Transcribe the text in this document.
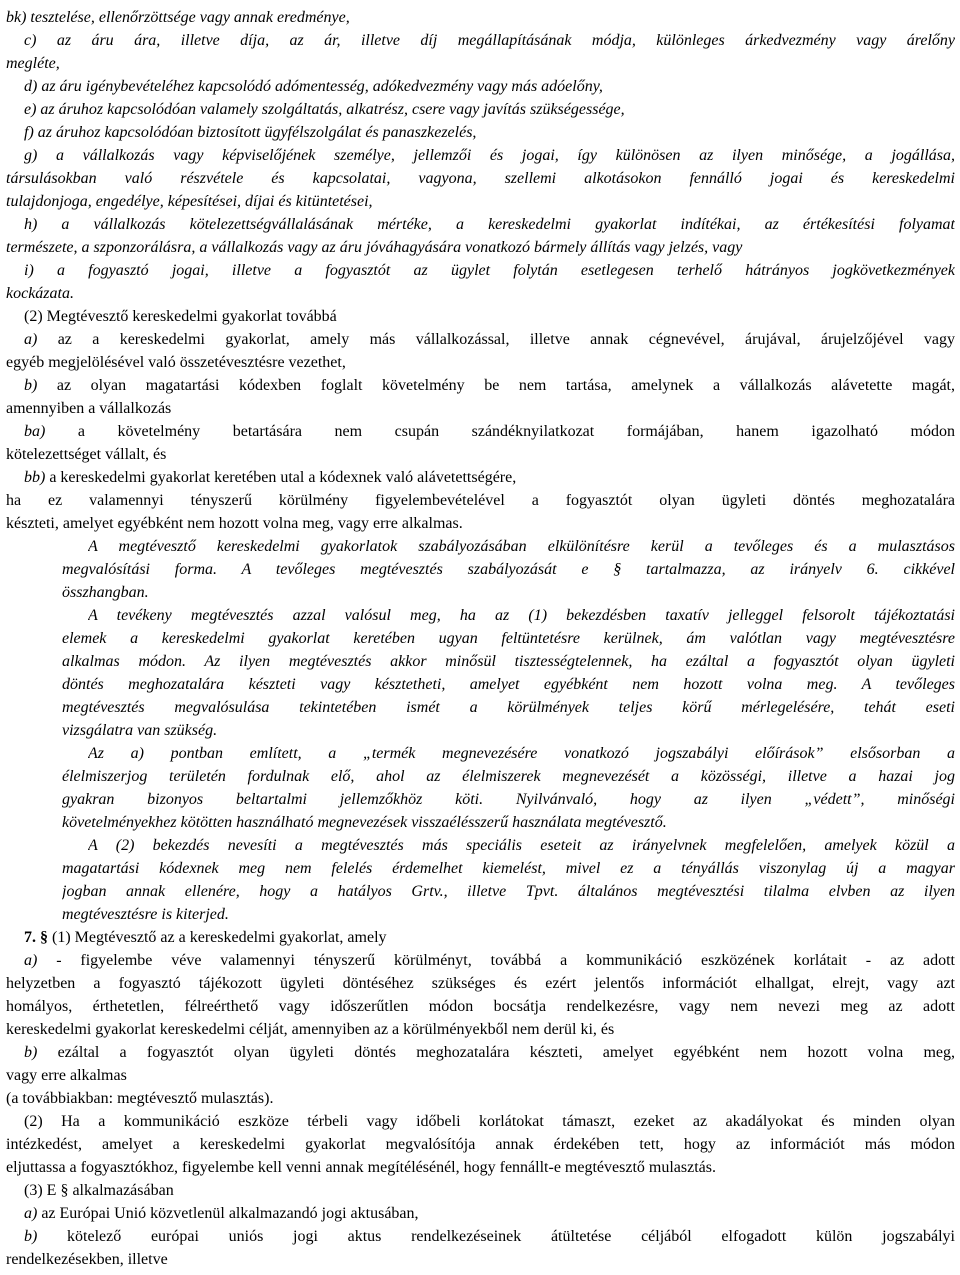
bk) tesztelése, ellenőrzöttsége vagy annak eredménye,
c) az áru ára, illetve díja, az ár, illetve díj megállapításának módja, különleges árkedvezmény vagy árelőny
megléte,
d) az áru igénybevételéhez kapcsolódó adómentesség, adókedvezmény vagy más adóelőny,
e) az áruhoz kapcsolódóan valamely szolgáltatás, alkatrész, csere vagy javítás szükségessége,
f) az áruhoz kapcsolódóan biztosított ügyfélszolgálat és panaszkezelés,
g) a vállalkozás vagy képviselőjének személye, jellemzői és jogai, így különösen az ilyen minősége, a jogállása,
társulásokban való részvétele és kapcsolatai, vagyona, szellemi alkotásokon fennálló jogai és kereskedelmi
tulajdonjoga, engedélye, képesítései, díjai és kitüntetései,
h) a vállalkozás kötelezettségvállalásának mértéke, a kereskedelmi gyakorlat indítékai, az értékesítési folyamat
természete, a szponzorálásra, a vállalkozás vagy az áru jóváhagyására vonatkozó bármely állítás vagy jelzés, vagy
i) a fogyasztó jogai, illetve a fogyasztót az ügylet folytán esetlegesen terhelő hátrányos jogkövetkezmények
kockázata.
(2) Megtévesztő kereskedelmi gyakorlat továbbá
a) az a kereskedelmi gyakorlat, amely más vállalkozással, illetve annak cégnevével, árujával, árujelzőjével vagy
egyéb megjelölésével való összetévesztésre vezethet,
b) az olyan magatartási kódexben foglalt követelmény be nem tartása, amelynek a vállalkozás alávetette magát,
amennyiben a vállalkozás
ba) a követelmény betartására nem csupán szándéknyilatkozat formájában, hanem igazolható módon
kötelezettséget vállalt, és
bb) a kereskedelmi gyakorlat keretében utal a kódexnek való alávetettségére,
ha ez valamennyi tényszerű körülmény figyelembevételével a fogyasztót olyan ügyleti döntés meghozatalára
készteti, amelyet egyébként nem hozott volna meg, vagy erre alkalmas.
A megtévesztő kereskedelmi gyakorlatok szabályozásában elkülönítésre kerül a tevőleges és a mulasztásos
megvalósítási forma. A tevőleges megtévesztés szabályozását e § tartalmazza, az irányelv 6. cikkével
összhangban.
A tevékeny megtévesztés azzal valósul meg, ha az (1) bekezdésben taxatív jelleggel felsorolt tájékoztatási
elemek a kereskedelmi gyakorlat keretében ugyan feltüntetésre kerülnek, ám valótlan vagy megtévesztésre
alkalmas módon. Az ilyen megtévesztés akkor minősül tisztességtelennek, ha ezáltal a fogyasztót olyan ügyleti
döntés meghozatalára készteti vagy késztetheti, amelyet egyébként nem hozott volna meg. A tevőleges
megtévesztés megvalósulása tekintetében ismét a körülmények teljes körű mérlegelésére, tehát eseti
vizsgálatra van szükség.
Az a) pontban említett, a „termék megnevezésére vonatkozó jogszabályi előírások” elsősorban a
élelmiszerjog területén fordulnak elő, ahol az élelmiszerek megnevezését a közösségi, illetve a hazai jog
gyakran bizonyos beltartalmi jellemzőkhöz köti. Nyilvánvaló, hogy az ilyen „védett”, minőségi
követelményekhez kötötten használható megnevezések visszaélésszerű használata megtévesztő.
A (2) bekezdés nevesíti a megtévesztés más speciális eseteit az irányelvnek megfelelően, amelyek közül a
magatartási kódexnek meg nem felelés érdemelhet kiemelést, mivel ez a tényállás viszonylag új a magyar
jogban annak ellenére, hogy a hatályos Grtv., illetve Tpvt. általános megtévesztési tilalma elvben az ilyen
megtévesztésre is kiterjed.
7. § (1) Megtévesztő az a kereskedelmi gyakorlat, amely
a) - figyelembe véve valamennyi tényszerű körülményt, továbbá a kommunikáció eszközének korlátait - az adott
helyzetben a fogyasztó tájékozott ügyleti döntéséhez szükséges és ezért jelentős információt elhallgat, elrejt, vagy azt
homályos, érthetetlen, félreérthető vagy időszerűtlen módon bocsátja rendelkezésre, vagy nem nevezi meg az adott
kereskedelmi gyakorlat kereskedelmi célját, amennyiben az a körülményekből nem derül ki, és
b) ezáltal a fogyasztót olyan ügyleti döntés meghozatalára készteti, amelyet egyébként nem hozott volna meg,
vagy erre alkalmas
(a továbbiakban: megtévesztő mulasztás).
(2) Ha a kommunikáció eszköze térbeli vagy időbeli korlátokat támaszt, ezeket az akadályokat és minden olyan
intézkedést, amelyet a kereskedelmi gyakorlat megvalósítója annak érdekében tett, hogy az információt más módon
eljuttassa a fogyasztókhoz, figyelembe kell venni annak megítélésénél, hogy fennállt-e megtévesztő mulasztás.
(3) E § alkalmazásában
a) az Európai Unió közvetlenül alkalmazandó jogi aktusában,
b) kötelező európai uniós jogi aktus rendelkezéseinek átültetése céljából elfogadott külön jogszabályi
rendelkezésekben, illetve
